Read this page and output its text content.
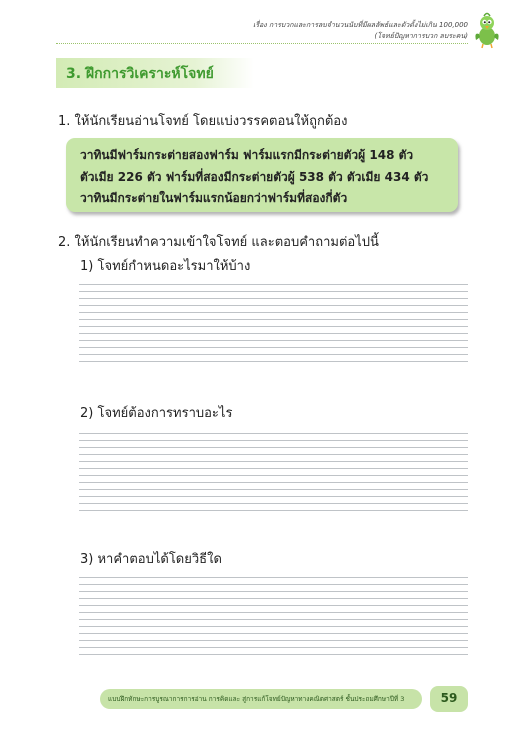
เรื่อง การบวกและการลบจำนวนนับที่มีผลลัพธ์และตัวตั้งไม่เกิน 100,000
(โจทย์ปัญหาการบวก ลบระคน)
3. ฝึกการวิเคราะห์โจทย์
1. ให้นักเรียนอ่านโจทย์ โดยแบ่งวรรคตอนให้ถูกต้อง
วาทินมีฟาร์มกระต่ายสองฟาร์ม ฟาร์มแรกมีกระต่ายตัวผู้ 148 ตัว
ตัวเมีย 226 ตัว ฟาร์มที่สองมีกระต่ายตัวผู้ 538 ตัว ตัวเมีย 434 ตัว
วาทินมีกระต่ายในฟาร์มแรกน้อยกว่าฟาร์มที่สองกี่ตัว
2. ให้นักเรียนทำความเข้าใจโจทย์ และตอบคำถามต่อไปนี้
1) โจทย์กำหนดอะไรมาให้บ้าง
2) โจทย์ต้องการทราบอะไร
3) หาคำตอบได้โดยวิธีใด
แบบฝึกทักษะการบูรณาการการอ่าน การคิดและ สู่การแก้โจทย์ปัญหาทางคณิตศาสตร์ ชั้นประถมศึกษาปีที่ 3	59
